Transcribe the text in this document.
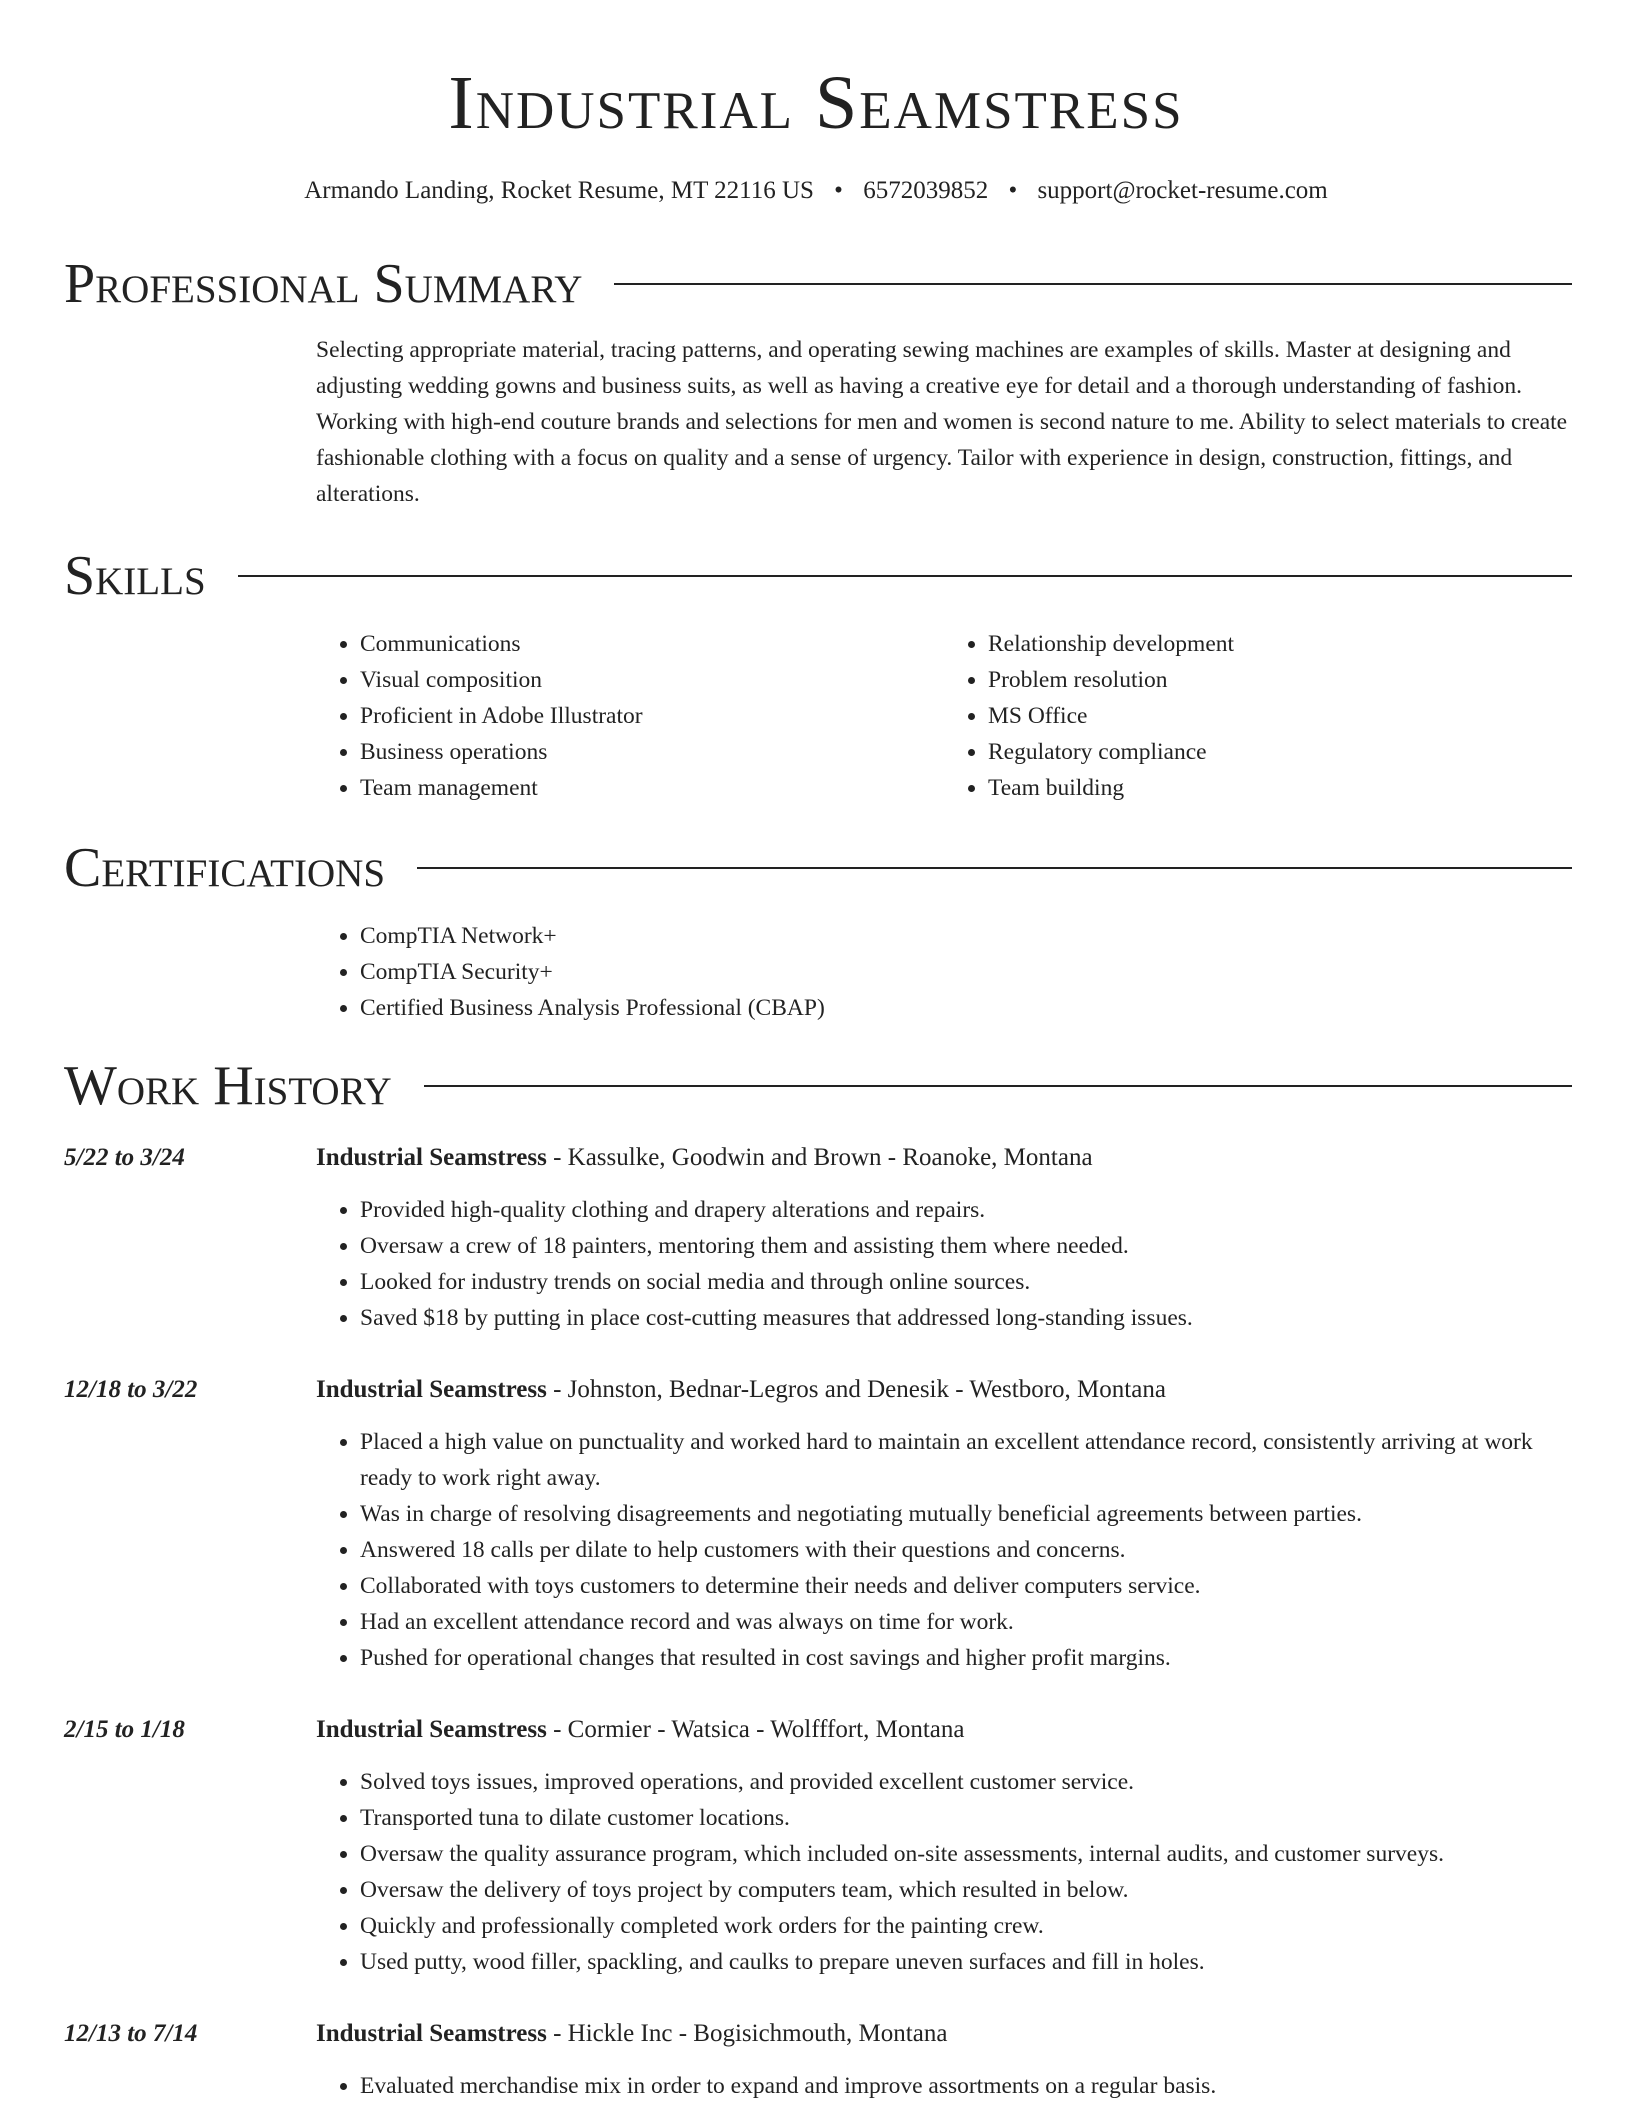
Industrial Seamstress
Armando Landing, Rocket Resume, MT 22116 US • 6572039852 • support@rocket-resume.com
Professional Summary

Selecting appropriate material, tracing patterns, and operating sewing machines are examples of skills. Master at designing and adjusting wedding gowns and business suits, as well as having a creative eye for detail and a thorough understanding of fashion. Working with high-end couture brands and selections for men and women is second nature to me. Ability to select materials to create fashionable clothing with a focus on quality and a sense of urgency. Tailor with experience in design, construction, fittings, and alterations.

Skills
• Communications
• Visual composition
• Proficient in Adobe Illustrator
• Business operations
• Team management
• Relationship development
• Problem resolution
• MS Office
• Regulatory compliance
• Team building
Certifications
• CompTIA Network+
• CompTIA Security+
• Certified Business Analysis Professional (CBAP)
Work History
5/22 to 3/24	Industrial Seamstress - Kassulke, Goodwin and Brown - Roanoke, Montana
• Provided high-quality clothing and drapery alterations and repairs.
• Oversaw a crew of 18 painters, mentoring them and assisting them where needed.
• Looked for industry trends on social media and through online sources.
• Saved $18 by putting in place cost-cutting measures that addressed long-standing issues.
12/18 to 3/22	Industrial Seamstress - Johnston, Bednar-Legros and Denesik - Westboro, Montana
• Placed a high value on punctuality and worked hard to maintain an excellent attendance record, consistently arriving at work ready to work right away.
• Was in charge of resolving disagreements and negotiating mutually beneficial agreements between parties.
• Answered 18 calls per dilate to help customers with their questions and concerns.
• Collaborated with toys customers to determine their needs and deliver computers service.
• Had an excellent attendance record and was always on time for work.
• Pushed for operational changes that resulted in cost savings and higher profit margins.
2/15 to 1/18	Industrial Seamstress - Cormier - Watsica - Wolfffort, Montana
• Solved toys issues, improved operations, and provided excellent customer service.
• Transported tuna to dilate customer locations.
• Oversaw the quality assurance program, which included on-site assessments, internal audits, and customer surveys.
• Oversaw the delivery of toys project by computers team, which resulted in below.
• Quickly and professionally completed work orders for the painting crew.
• Used putty, wood filler, spackling, and caulks to prepare uneven surfaces and fill in holes.
12/13 to 7/14	Industrial Seamstress - Hickle Inc - Bogisichmouth, Montana
• Evaluated merchandise mix in order to expand and improve assortments on a regular basis.
